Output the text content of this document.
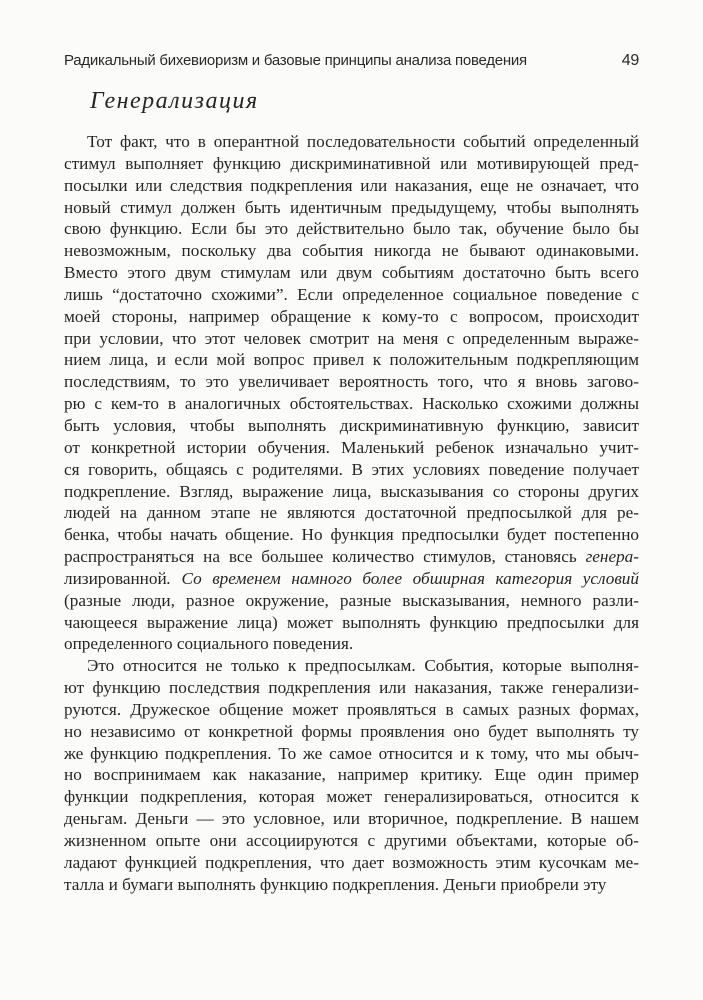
Радикальный бихевиоризм и базовые принципы анализа поведения	49
Генерализация
Тот факт, что в оперантной последовательности событий определенный
стимул выполняет функцию дискриминативной или мотивирующей пред-
посылки или следствия подкрепления или наказания, еще не означает, что
новый стимул должен быть идентичным предыдущему, чтобы выполнять
свою функцию. Если бы это действительно было так, обучение было бы
невозможным, поскольку два события никогда не бывают одинаковыми.
Вместо этого двум стимулам или двум событиям достаточно быть всего
лишь “достаточно схожими”. Если определенное социальное поведение с
моей стороны, например обращение к кому-то с вопросом, происходит
при условии, что этот человек смотрит на меня с определенным выраже-
нием лица, и если мой вопрос привел к положительным подкрепляющим
последствиям, то это увеличивает вероятность того, что я вновь загово-
рю с кем-то в аналогичных обстоятельствах. Насколько схожими должны
быть условия, чтобы выполнять дискриминативную функцию, зависит
от конкретной истории обучения. Маленький ребенок изначально учит-
ся говорить, общаясь с родителями. В этих условиях поведение получает
подкрепление. Взгляд, выражение лица, высказывания со стороны других
людей на данном этапе не являются достаточной предпосылкой для ре-
бенка, чтобы начать общение. Но функция предпосылки будет постепенно
распространяться на все большее количество стимулов, становясь генера-
лизированной. Со временем намного более обширная категория условий
(разные люди, разное окружение, разные высказывания, немного разли-
чающееся выражение лица) может выполнять функцию предпосылки для
определенного социального поведения.
Это относится не только к предпосылкам. События, которые выполня-
ют функцию последствия подкрепления или наказания, также генерализи-
руются. Дружеское общение может проявляться в самых разных формах,
но независимо от конкретной формы проявления оно будет выполнять ту
же функцию подкрепления. То же самое относится и к тому, что мы обыч-
но воспринимаем как наказание, например критику. Еще один пример
функции подкрепления, которая может генерализироваться, относится к
деньгам. Деньги — это условное, или вторичное, подкрепление. В нашем
жизненном опыте они ассоциируются с другими объектами, которые об-
ладают функцией подкрепления, что дает возможность этим кусочкам ме-
талла и бумаги выполнять функцию подкрепления. Деньги приобрели эту
